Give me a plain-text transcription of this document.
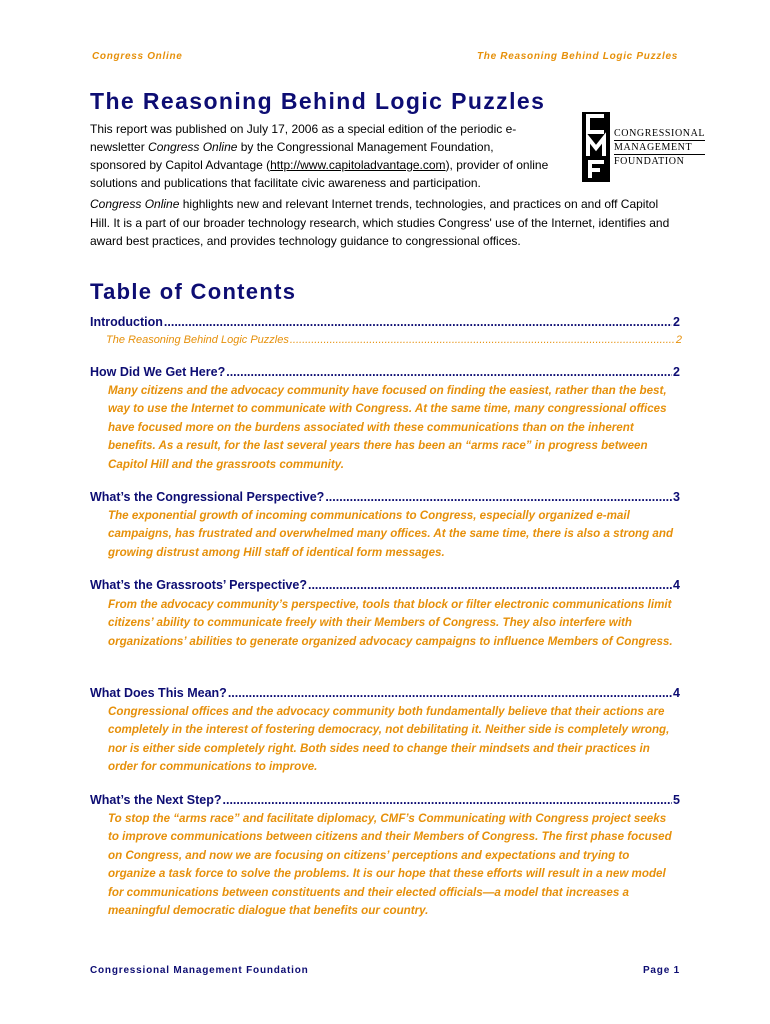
Congress Online	The Reasoning Behind Logic Puzzles
The Reasoning Behind Logic Puzzles
This report was published on July 17, 2006 as a special edition of the periodic e-newsletter Congress Online by the Congressional Management Foundation, sponsored by Capitol Advantage (http://www.capitoladvantage.com), provider of online solutions and publications that facilitate civic awareness and participation.
Congress Online highlights new and relevant Internet trends, technologies, and practices on and off Capitol Hill. It is a part of our broader technology research, which studies Congress' use of the Internet, identifies and award best practices, and provides technology guidance to congressional offices.
CONGRESSIONAL
MANAGEMENT
FOUNDATION
Table of Contents
Introduction .....	2
The Reasoning Behind Logic Puzzles .....	2
How Did We Get Here? .....	2
Many citizens and the advocacy community have focused on finding the easiest, rather than the best, way to use the Internet to communicate with Congress. At the same time, many congressional offices have focused more on the burdens associated with these communications than on the inherent benefits. As a result, for the last several years there has been an “arms race” in progress between Capitol Hill and the grassroots community.
What’s the Congressional Perspective? .....	3
The exponential growth of incoming communications to Congress, especially organized e-mail campaigns, has frustrated and overwhelmed many offices. At the same time, there is also a strong and growing distrust among Hill staff of identical form messages.
What’s the Grassroots’ Perspective? .....	4
From the advocacy community’s perspective, tools that block or filter electronic communications limit citizens’ ability to communicate freely with their Members of Congress. They also interfere with organizations’ abilities to generate organized advocacy campaigns to influence Members of Congress.
What Does This Mean? .....	4
Congressional offices and the advocacy community both fundamentally believe that their actions are completely in the interest of fostering democracy, not debilitating it. Neither side is completely wrong, nor is either side completely right. Both sides need to change their mindsets and their practices in order for communications to improve.
What’s the Next Step? .....	5
To stop the “arms race” and facilitate diplomacy, CMF’s Communicating with Congress project seeks to improve communications between citizens and their Members of Congress. The first phase focused on Congress, and now we are focusing on citizens’ perceptions and expectations and trying to organize a task force to solve the problems. It is our hope that these efforts will result in a new model for communications between constituents and their elected officials—a model that increases a meaningful democratic dialogue that benefits our country.
Congressional Management Foundation	Page 1
